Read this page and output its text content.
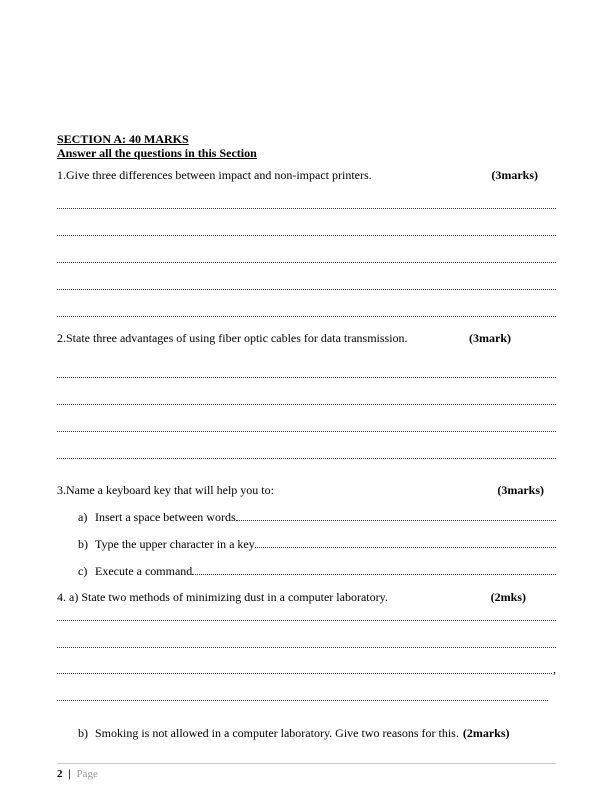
SECTION A: 40 MARKS
Answer all the questions in this Section
1.Give three differences between impact and non-impact printers.	(3marks)
2.State three advantages of using fiber optic cables for data transmission.	(3mark)
3.Name a keyboard key that will help you to:	(3marks)
a) Insert a space between words
b) Type the upper character in a key
c) Execute a command
4. a) State two methods of minimizing dust in a computer laboratory.	(2mks)
,
b) Smoking is not allowed in a computer laboratory. Give two reasons for this. (2marks)
2 | Page
